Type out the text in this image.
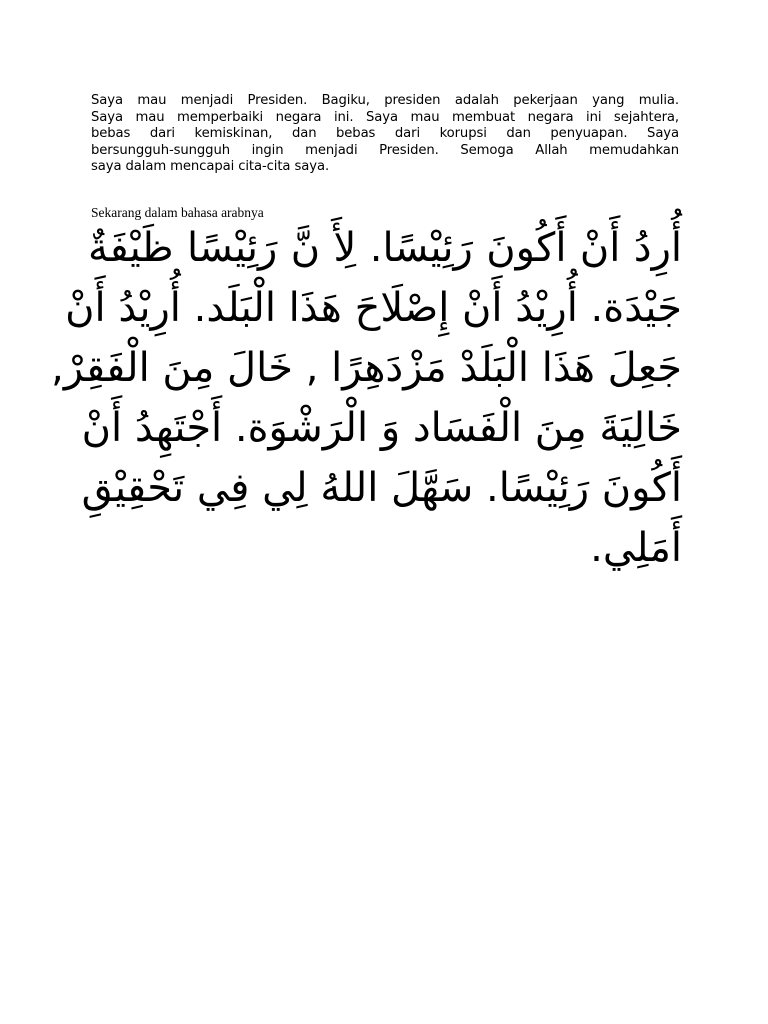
Saya mau menjadi Presiden. Bagiku, presiden adalah pekerjaan yang mulia.
Saya mau memperbaiki negara ini. Saya mau membuat negara ini sejahtera,
bebas dari kemiskinan, dan bebas dari korupsi dan penyuapan. Saya
bersungguh-sungguh ingin menjadi Presiden. Semoga Allah memudahkan
saya dalam mencapai cita-cita saya.
Sekarang dalam bahasa arabnya
أُرِدُ أَنْ أَكُونَ رَئِيْسًا. لِأَ نَّ رَئِيْسًا ظَيْفَةٌ
جَيْدَة. أُرِيْدُ أَنْ إِصْلَاحَ هَذَا الْبَلَد. أُرِيْدُ أَنْ
جَعِلَ هَذَا الْبَلَدْ مَزْدَهِرًا , خَالَ مِنَ الْفَقِرْ,
خَالِيَةَ مِنَ الْفَسَاد وَ الْرَشْوَة. أَجْتَهِدُ أَنْ
أَكُونَ رَئِيْسًا. سَهَّلَ اللهُ لِي فِي تَحْقِيْقِ
أَمَلِي.
